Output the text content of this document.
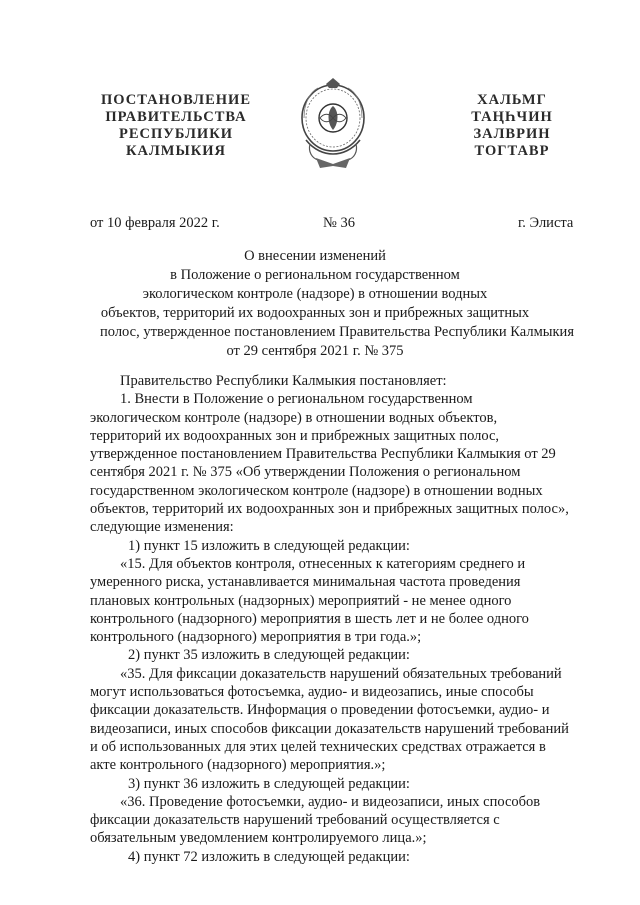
ПОСТАНОВЛЕНИЕ
ПРАВИТЕЛЬСТВА
РЕСПУБЛИКИ
КАЛМЫКИЯ
ХАЛЬМГ
ТАҢҺЧИН
ЗАЛВРИН
ТОГТАВР
от 10 февраля 2022 г.	№ 36	г. Элиста
О внесении изменений
в Положение о региональном государственном
экологическом контроле (надзоре) в отношении водных
объектов, территорий их водоохранных зон и прибрежных защитных
полос, утвержденное постановлением Правительства Республики Калмыкия
от 29 сентября 2021 г. № 375
Правительство Республики Калмыкия постановляет:
1. Внести в Положение о региональном государственном
экологическом контроле (надзоре) в отношении водных объектов,
территорий их водоохранных зон и прибрежных защитных полос,
утвержденное постановлением Правительства Республики Калмыкия от 29
сентября 2021 г. № 375 «Об утверждении Положения о региональном
государственном экологическом контроле (надзоре) в отношении водных
объектов, территорий их водоохранных зон и прибрежных защитных полос»,
следующие изменения:
1) пункт 15 изложить в следующей редакции:
«15. Для объектов контроля, отнесенных к категориям среднего и
умеренного риска, устанавливается минимальная частота проведения
плановых контрольных (надзорных) мероприятий - не менее одного
контрольного (надзорного) мероприятия в шесть лет и не более одного
контрольного (надзорного) мероприятия в три года.»;
2) пункт 35 изложить в следующей редакции:
«35. Для фиксации доказательств нарушений обязательных требований
могут использоваться фотосъемка, аудио- и видеозапись, иные способы
фиксации доказательств. Информация о проведении фотосъемки, аудио- и
видеозаписи, иных способов фиксации доказательств нарушений требований
и об использованных для этих целей технических средствах отражается в
акте контрольного (надзорного) мероприятия.»;
3) пункт 36 изложить в следующей редакции:
«36. Проведение фотосъемки, аудио- и видеозаписи, иных способов
фиксации доказательств нарушений требований осуществляется с
обязательным уведомлением контролируемого лица.»;
4) пункт 72 изложить в следующей редакции:
